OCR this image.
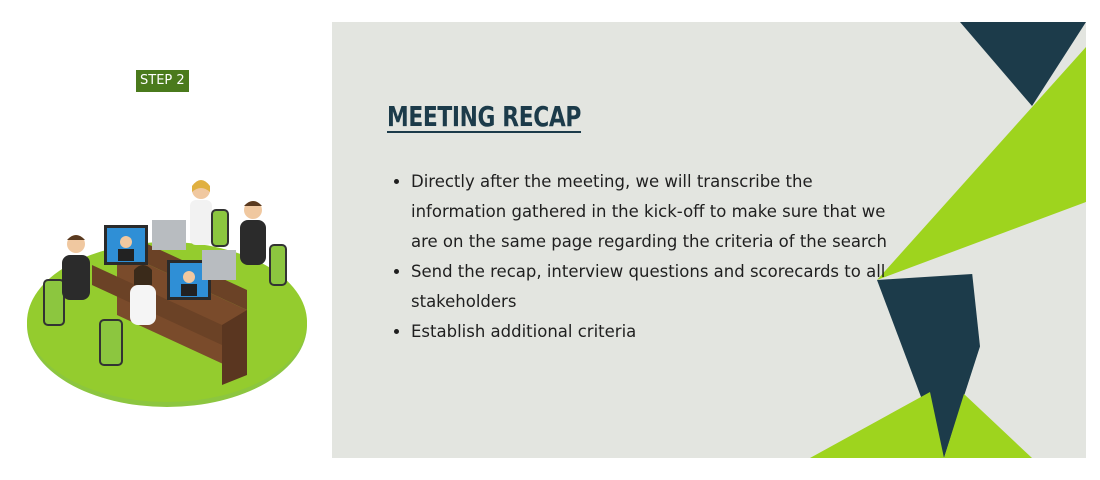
STEP 2
MEETING RECAP
• Directly after the meeting, we will transcribe the information gathered in the kick-off to make sure that we are on the same page regarding the criteria of the search
• Send the recap, interview questions and scorecards to all stakeholders
• Establish additional criteria
